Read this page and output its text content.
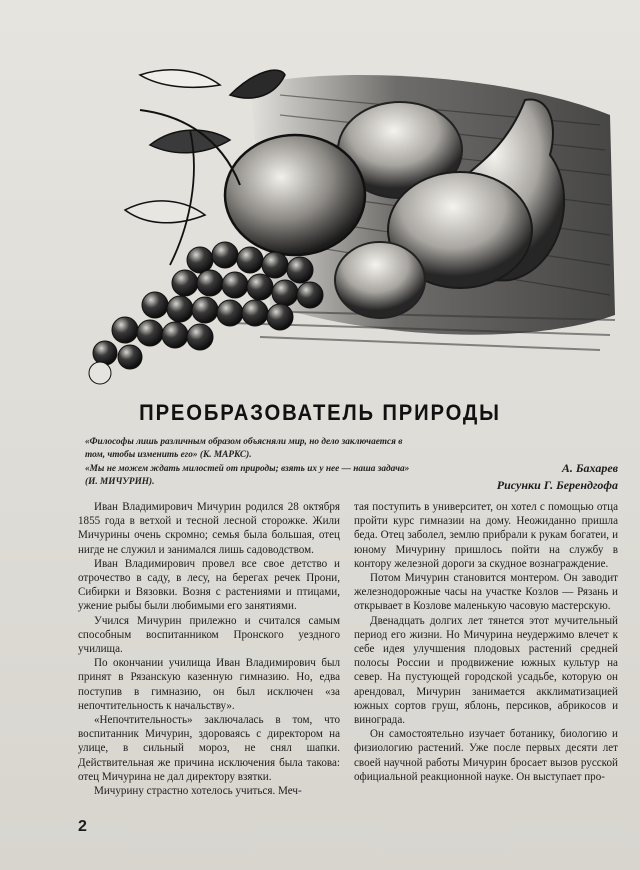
ПРЕОБРАЗОВАТЕЛЬ ПРИРОДЫ

«Философы лишь различным образом объясняли мир, но дело заключается в том, чтобы изменить его» (К. МАРКС).

«Мы не можем ждать милостей от природы; взять их у нее — наша задача» (И. МИЧУРИН).

А. Бахарев
Рисунки Г. Берендгофа

Иван Владимирович Мичурин родился 28 октября 1855 года в ветхой и тесной лесной сторожке. Жили Мичурины очень скромно; семья была большая, отец нигде не служил и занимался лишь садоводством.

Иван Владимирович провел все свое детство и отрочество в саду, в лесу, на берегах речек Прони, Сибирки и Вязовки. Возня с растениями и птицами, ужение рыбы были любимыми его занятиями.

Учился Мичурин прилежно и считался самым способным воспитанником Пронского уездного училища.

По окончании училища Иван Владимирович был принят в Рязанскую казенную гимназию. Но, едва поступив в гимназию, он был исключен «за непочтительность к начальству».

«Непочтительность» заключалась в том, что воспитанник Мичурин, здороваясь с директором на улице, в сильный мороз, не снял шапки. Действительная же причина исключения была такова: отец Мичурина не дал директору взятки.

Мичурину страстно хотелось учиться. Меч-

тая поступить в университет, он хотел с помощью отца пройти курс гимназии на дому. Неожиданно пришла беда. Отец заболел, землю прибрали к рукам богатеи, и юному Мичурину пришлось пойти на службу в контору железной дороги за скудное вознаграждение.

Потом Мичурин становится монтером. Он заводит железнодорожные часы на участке Козлов — Рязань и открывает в Козлове маленькую часовую мастерскую.

Двенадцать долгих лет тянется этот мучительный период его жизни. Но Мичурина неудержимо влечет к себе идея улучшения плодовых растений средней полосы России и продвижение южных культур на север. На пустующей городской усадьбе, которую он арендовал, Мичурин занимается акклиматизацией южных сортов груш, яблонь, персиков, абрикосов и винограда.

Он самостоятельно изучает ботанику, биологию и физиологию растений. Уже после первых десяти лет своей научной работы Мичурин бросает вызов русской официальной реакционной науке. Он выступает про-

2
